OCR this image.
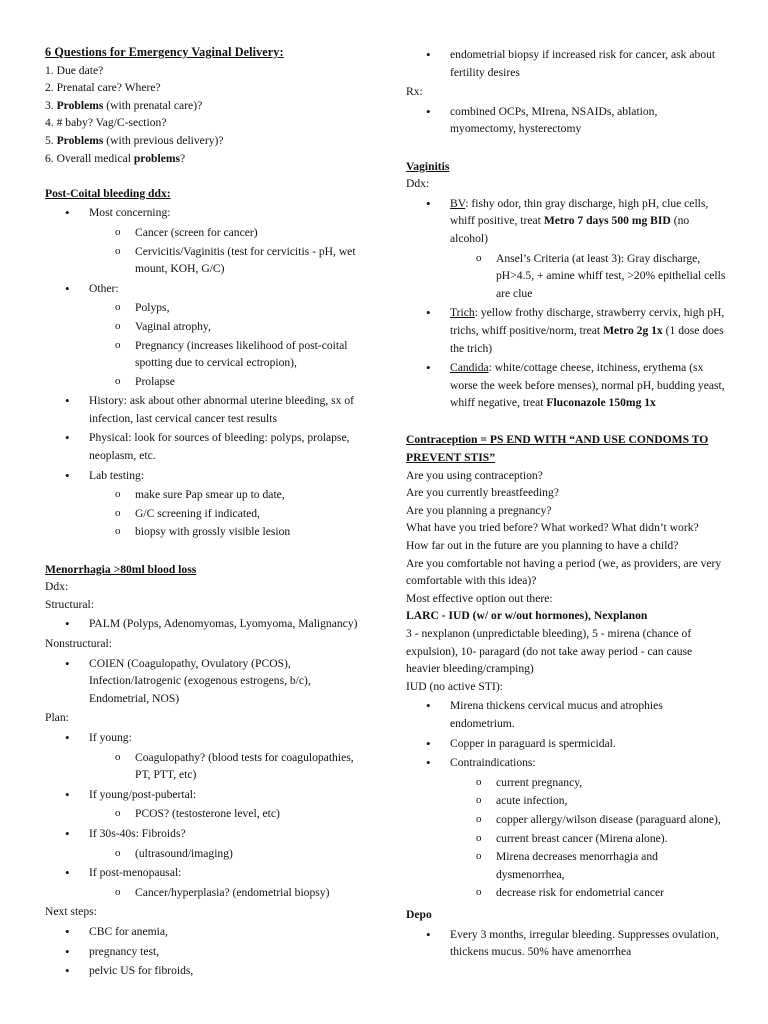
6 Questions for Emergency Vaginal Delivery:
1. Due date?
2. Prenatal care? Where?
3. Problems (with prenatal care)?
4. # baby? Vag/C-section?
5. Problems (with previous delivery)?
6. Overall medical problems?
Post-Coital bleeding ddx:
• Most concerning:
o Cancer (screen for cancer)
o Cervicitis/Vaginitis (test for cervicitis - pH, wet mount, KOH, G/C)
• Other:
o Polyps,
o Vaginal atrophy,
o Pregnancy (increases likelihood of post-coital spotting due to cervical ectropion),
o Prolapse
• History: ask about other abnormal uterine bleeding, sx of infection, last cervical cancer test results
• Physical: look for sources of bleeding: polyps, prolapse, neoplasm, etc.
• Lab testing:
o make sure Pap smear up to date,
o G/C screening if indicated,
o biopsy with grossly visible lesion
Menorrhagia >80ml blood loss
Ddx:
Structural:
• PALM (Polyps, Adenomyomas, Lyomyoma, Malignancy)
Nonstructural:
• COIEN (Coagulopathy, Ovulatory (PCOS), Infection/Iatrogenic (exogenous estrogens, b/c), Endometrial, NOS)
Plan:
• If young:
o Coagulopathy? (blood tests for coagulopathies, PT, PTT, etc)
• If young/post-pubertal:
o PCOS? (testosterone level, etc)
• If 30s-40s: Fibroids?
o (ultrasound/imaging)
• If post-menopausal:
o Cancer/hyperplasia? (endometrial biopsy)
Next steps:
• CBC for anemia,
• pregnancy test,
• pelvic US for fibroids,
• endometrial biopsy if increased risk for cancer, ask about fertility desires
Rx:
• combined OCPs, MIrena, NSAIDs, ablation, myomectomy, hysterectomy
Vaginitis
Ddx:
• BV: fishy odor, thin gray discharge, high pH, clue cells, whiff positive, treat Metro 7 days 500 mg BID (no alcohol)
o Ansel’s Criteria (at least 3): Gray discharge, pH>4.5, + amine whiff test, >20% epithelial cells are clue
• Trich: yellow frothy discharge, strawberry cervix, high pH, trichs, whiff positive/norm, treat Metro 2g 1x (1 dose does the trich)
• Candida: white/cottage cheese, itchiness, erythema (sx worse the week before menses), normal pH, budding yeast, whiff negative, treat Fluconazole 150mg 1x
Contraception = PS END WITH “AND USE CONDOMS TO PREVENT STIS”
Are you using contraception?
Are you currently breastfeeding?
Are you planning a pregnancy?
What have you tried before? What worked? What didn’t work?
How far out in the future are you planning to have a child?
Are you comfortable not having a period (we, as providers, are very comfortable with this idea)?
Most effective option out there:
LARC - IUD (w/ or w/out hormones), Nexplanon
3 - nexplanon (unpredictable bleeding), 5 - mirena (chance of expulsion), 10- paragard (do not take away period - can cause heavier bleeding/cramping)
IUD (no active STI):
• Mirena thickens cervical mucus and atrophies endometrium.
• Copper in paraguard is spermicidal.
• Contraindications:
o current pregnancy,
o acute infection,
o copper allergy/wilson disease (paraguard alone),
o current breast cancer (Mirena alone).
o Mirena decreases menorrhagia and dysmenorrhea,
o decrease risk for endometrial cancer
Depo
• Every 3 months, irregular bleeding. Suppresses ovulation, thickens mucus. 50% have amenorrhea
